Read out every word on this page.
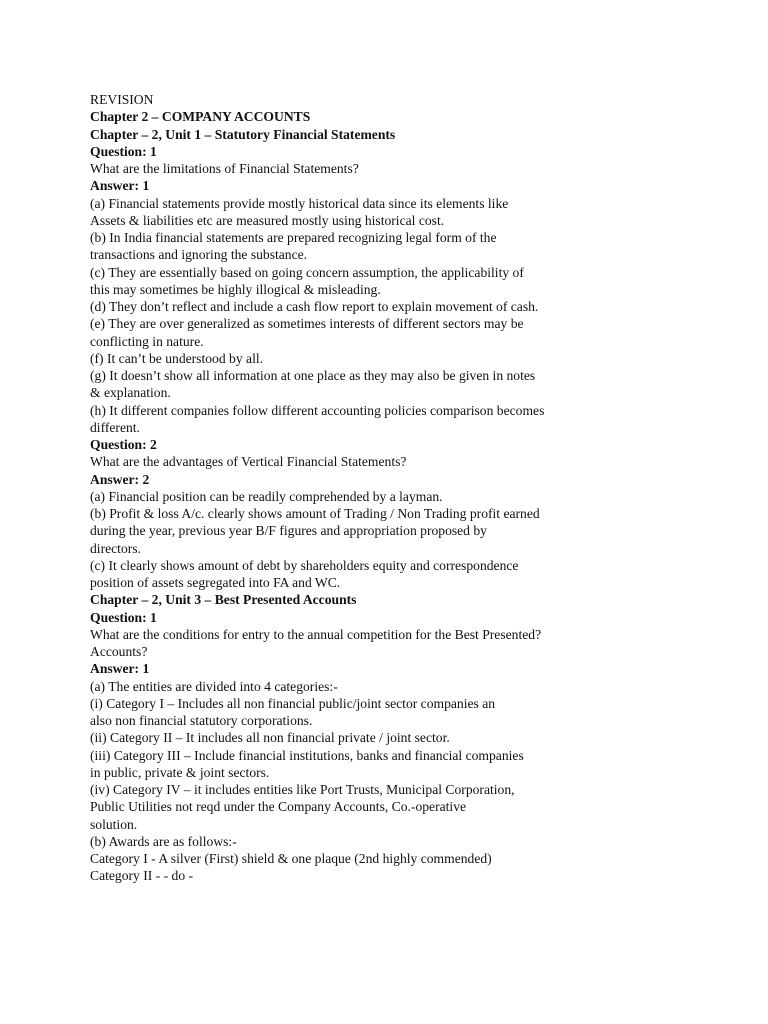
REVISION
Chapter 2 – COMPANY ACCOUNTS
Chapter – 2, Unit 1 – Statutory Financial Statements
Question: 1
What are the limitations of Financial Statements?
Answer: 1
(a) Financial statements provide mostly historical data since its elements like
Assets & liabilities etc are measured mostly using historical cost.
(b) In India financial statements are prepared recognizing legal form of the
transactions and ignoring the substance.
(c) They are essentially based on going concern assumption, the applicability of
this may sometimes be highly illogical & misleading.
(d) They don’t reflect and include a cash flow report to explain movement of cash.
(e) They are over generalized as sometimes interests of different sectors may be
conflicting in nature.
(f) It can’t be understood by all.
(g) It doesn’t show all information at one place as they may also be given in notes
& explanation.
(h) It different companies follow different accounting policies comparison becomes
different.
Question: 2
What are the advantages of Vertical Financial Statements?
Answer: 2
(a) Financial position can be readily comprehended by a layman.
(b) Profit & loss A/c. clearly shows amount of Trading / Non Trading profit earned
during the year, previous year B/F figures and appropriation proposed by
directors.
(c) It clearly shows amount of debt by shareholders equity and correspondence
position of assets segregated into FA and WC.
Chapter – 2, Unit 3 – Best Presented Accounts
Question: 1
What are the conditions for entry to the annual competition for the Best Presented?
Accounts?
Answer: 1
(a) The entities are divided into 4 categories:-
(i) Category I – Includes all non financial public/joint sector companies an
also non financial statutory corporations.
(ii) Category II – It includes all non financial private / joint sector.
(iii) Category III – Include financial institutions, banks and financial companies
in public, private & joint sectors.
(iv) Category IV – it includes entities like Port Trusts, Municipal Corporation,
Public Utilities not reqd under the Company Accounts, Co.-operative
solution.
(b) Awards are as follows:-
Category I - A silver (First) shield & one plaque (2nd highly commended)
Category II - - do -
